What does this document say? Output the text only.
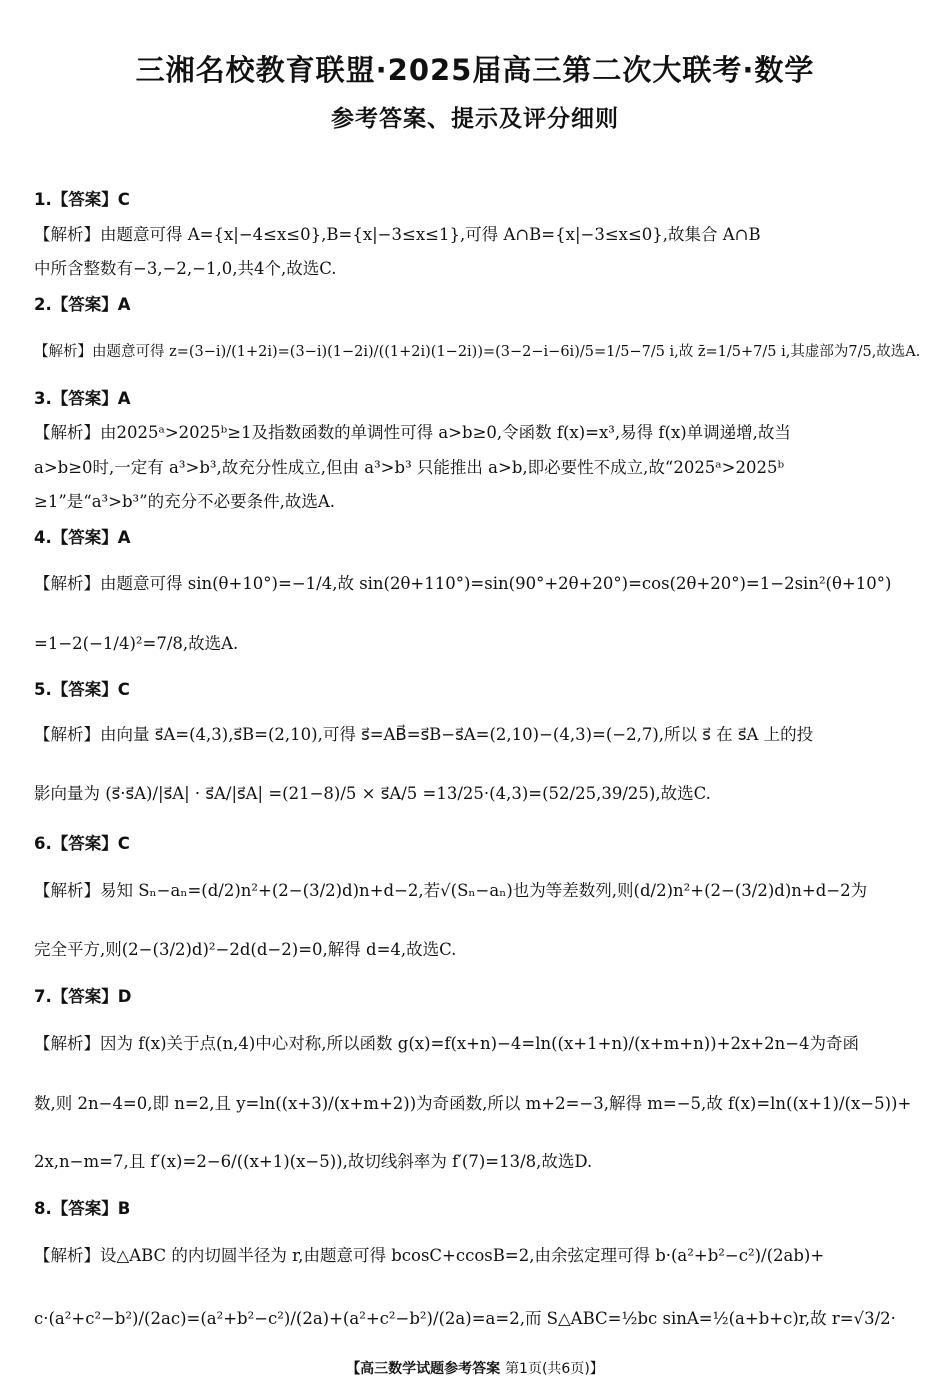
三湘名校教育联盟·2025届高三第二次大联考·数学
参考答案、提示及评分细则
1.【答案】C
【解析】由题意可得 A={x|−4≤x≤0},B={x|−3≤x≤1},可得 A∩B={x|−3≤x≤0},故集合 A∩B
中所含整数有−3,−2,−1,0,共4个,故选C.
2.【答案】A
【解析】由题意可得 z=(3−i)/(1+2i)=(3−i)(1−2i)/((1+2i)(1−2i))=(3−2−i−6i)/5=1/5−7/5 i,故 z̄=1/5+7/5 i,其虚部为7/5,故选A.
3.【答案】A
【解析】由2025ᵃ>2025ᵇ≥1及指数函数的单调性可得 a>b≥0,令函数 f(x)=x³,易得 f(x)单调递增,故当
a>b≥0时,一定有 a³>b³,故充分性成立,但由 a³>b³ 只能推出 a>b,即必要性不成立,故“2025ᵃ>2025ᵇ
≥1”是“a³>b³”的充分不必要条件,故选A.
4.【答案】A
【解析】由题意可得 sin(θ+10°)=−1/4,故 sin(2θ+110°)=sin(90°+2θ+20°)=cos(2θ+20°)=1−2sin²(θ+10°)
=1−2(−1/4)²=7/8,故选A.
5.【答案】C
【解析】由向量 s⃗A=(4,3),s⃗B=(2,10),可得 s⃗=AB⃗=s⃗B−s⃗A=(2,10)−(4,3)=(−2,7),所以 s⃗ 在 s⃗A 上的投
影向量为 (s⃗·s⃗A)/|s⃗A| · s⃗A/|s⃗A| =(21−8)/5 × s⃗A/5 =13/25·(4,3)=(52/25,39/25),故选C.
6.【答案】C
【解析】易知 Sₙ−aₙ=(d/2)n²+(2−(3/2)d)n+d−2,若√(Sₙ−aₙ)也为等差数列,则(d/2)n²+(2−(3/2)d)n+d−2为
完全平方,则(2−(3/2)d)²−2d(d−2)=0,解得 d=4,故选C.
7.【答案】D
【解析】因为 f(x)关于点(n,4)中心对称,所以函数 g(x)=f(x+n)−4=ln((x+1+n)/(x+m+n))+2x+2n−4为奇函
数,则 2n−4=0,即 n=2,且 y=ln((x+3)/(x+m+2))为奇函数,所以 m+2=−3,解得 m=−5,故 f(x)=ln((x+1)/(x−5))+
2x,n−m=7,且 f′(x)=2−6/((x+1)(x−5)),故切线斜率为 f′(7)=13/8,故选D.
8.【答案】B
【解析】设△ABC 的内切圆半径为 r,由题意可得 bcosC+ccosB=2,由余弦定理可得 b·(a²+b²−c²)/(2ab)+
c·(a²+c²−b²)/(2ac)=(a²+b²−c²)/(2a)+(a²+c²−b²)/(2a)=a=2,而 S△ABC=½bc sinA=½(a+b+c)r,故 r=√3/2·
【高三数学试题参考答案 第1页(共6页)】
